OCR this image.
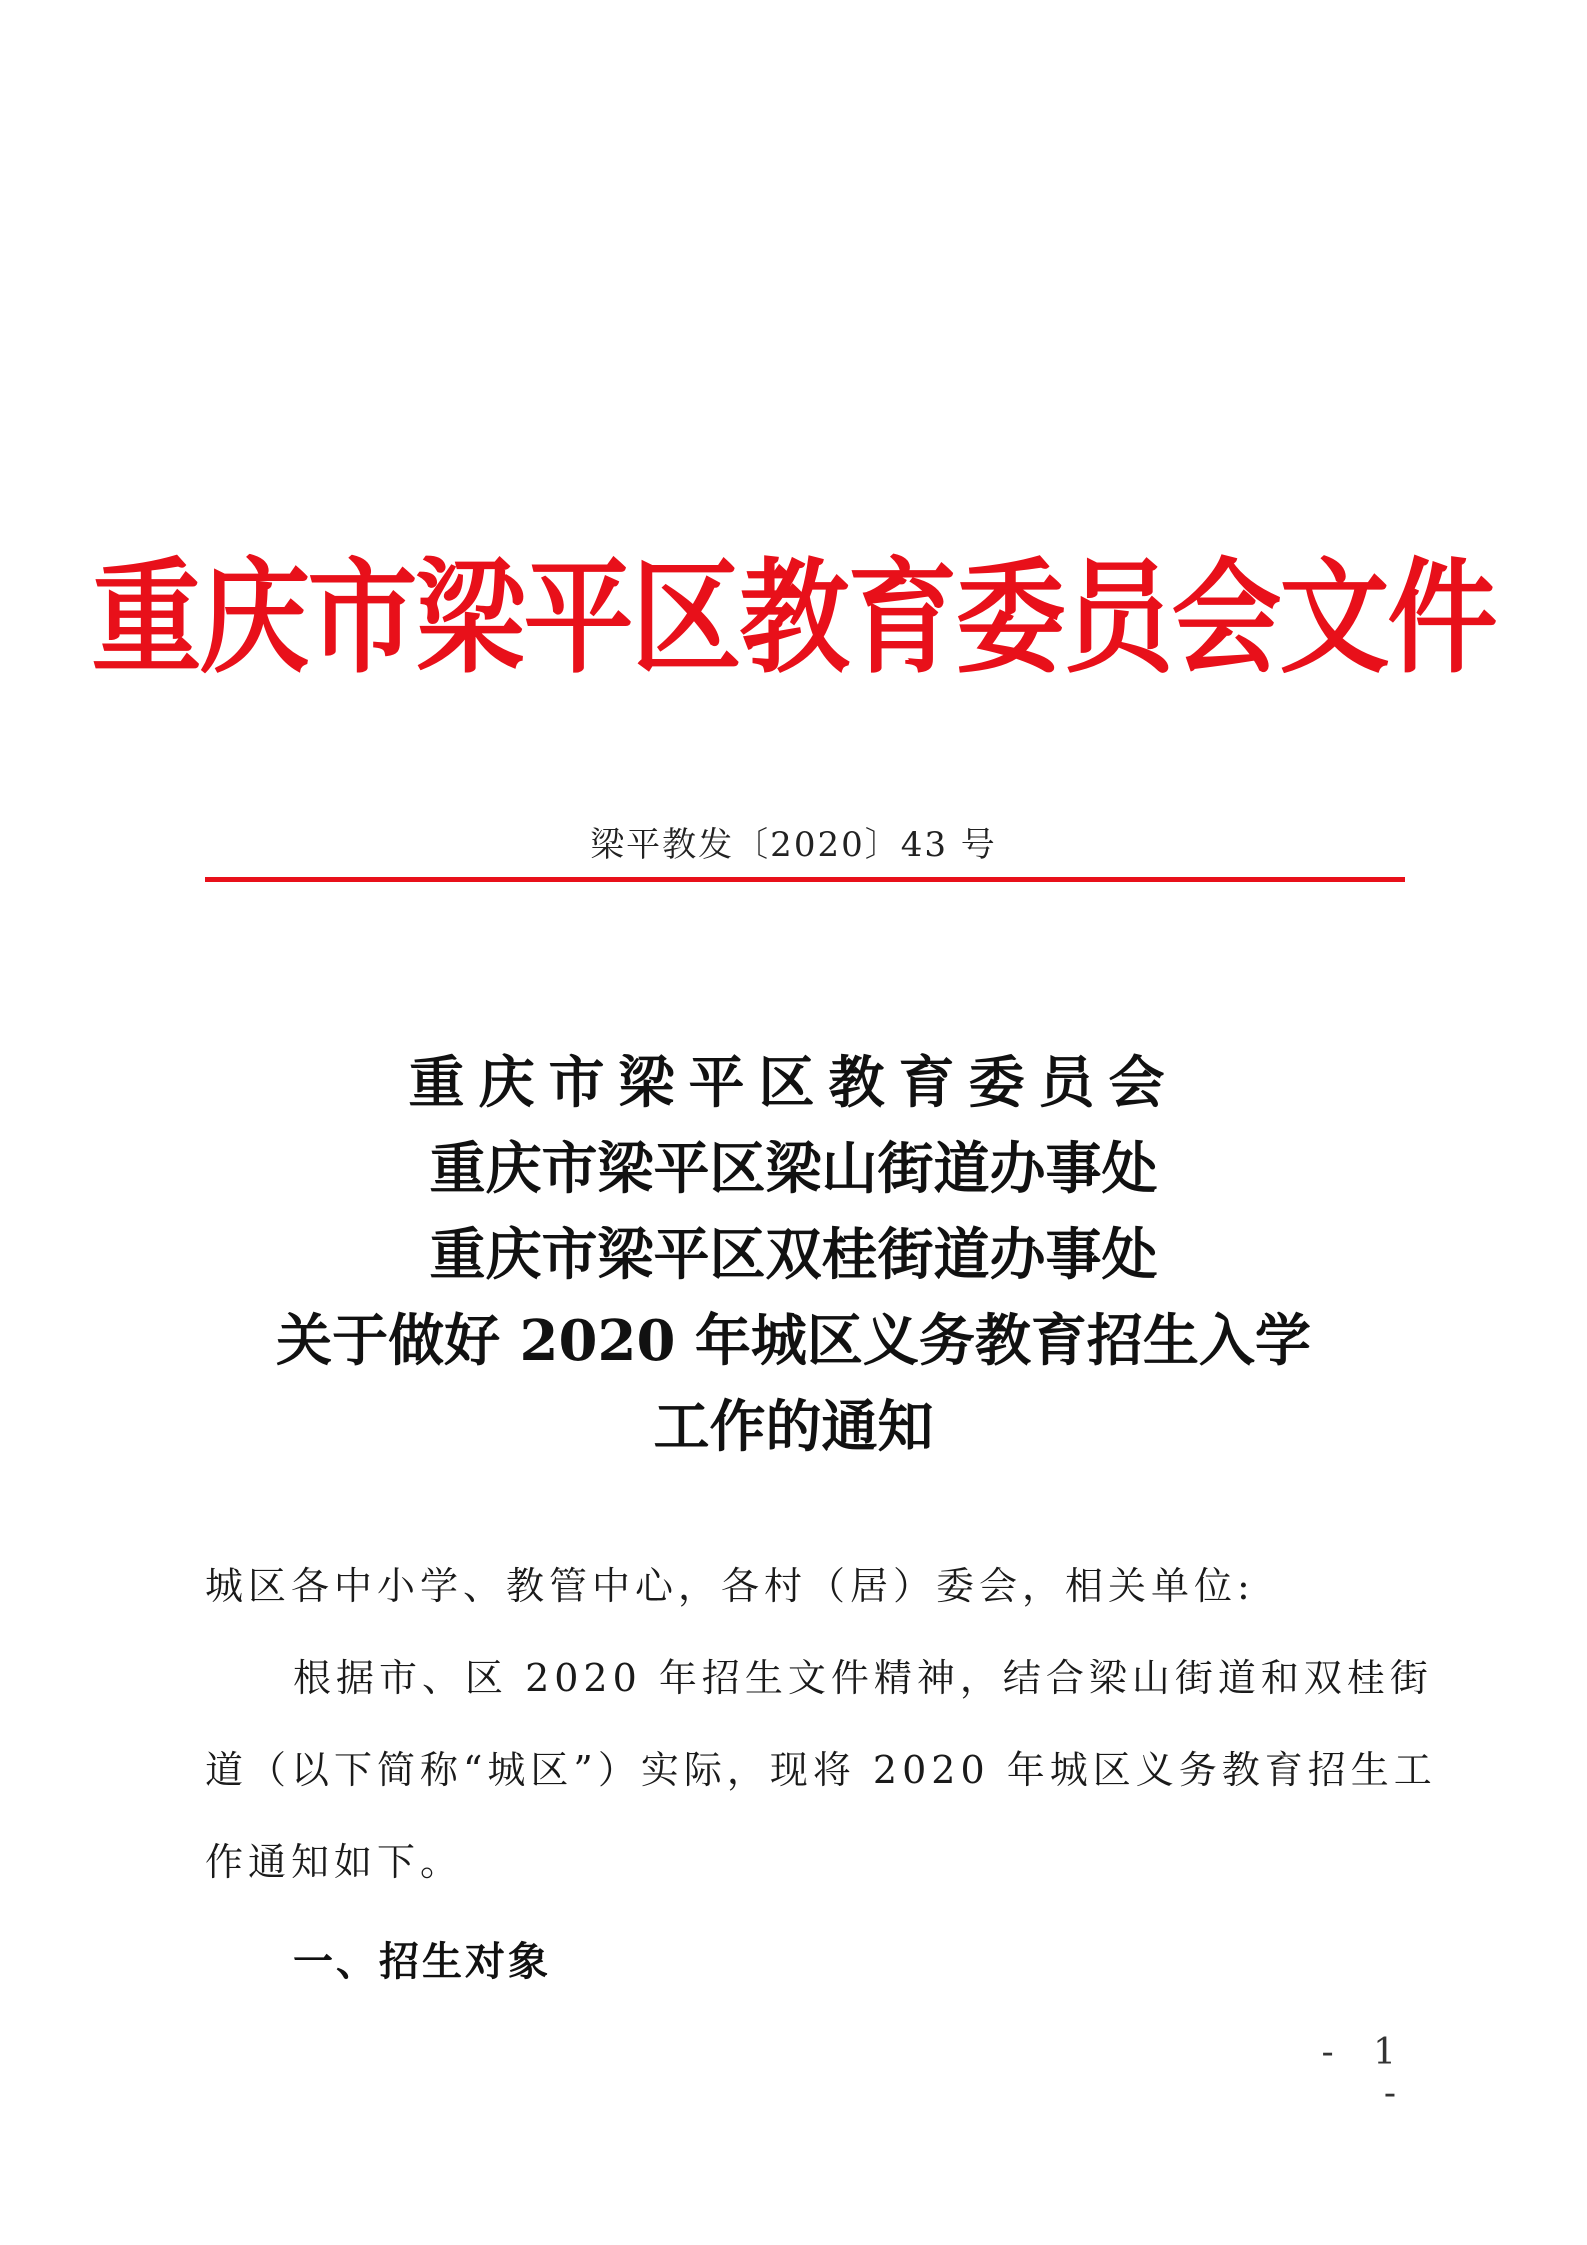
重庆市梁平区教育委员会文件
梁平教发〔2020〕43 号
重庆市梁平区教育委员会
重庆市梁平区梁山街道办事处
重庆市梁平区双桂街道办事处
关于做好 2020 年城区义务教育招生入学
工作的通知
城区各中小学、教管中心，各村（居）委会，相关单位:
根据市、区 2020 年招生文件精神，结合梁山街道和双桂街
道（以下简称“城区”）实际，现将 2020 年城区义务教育招生工
作通知如下。
一、招生对象
- 1 -
